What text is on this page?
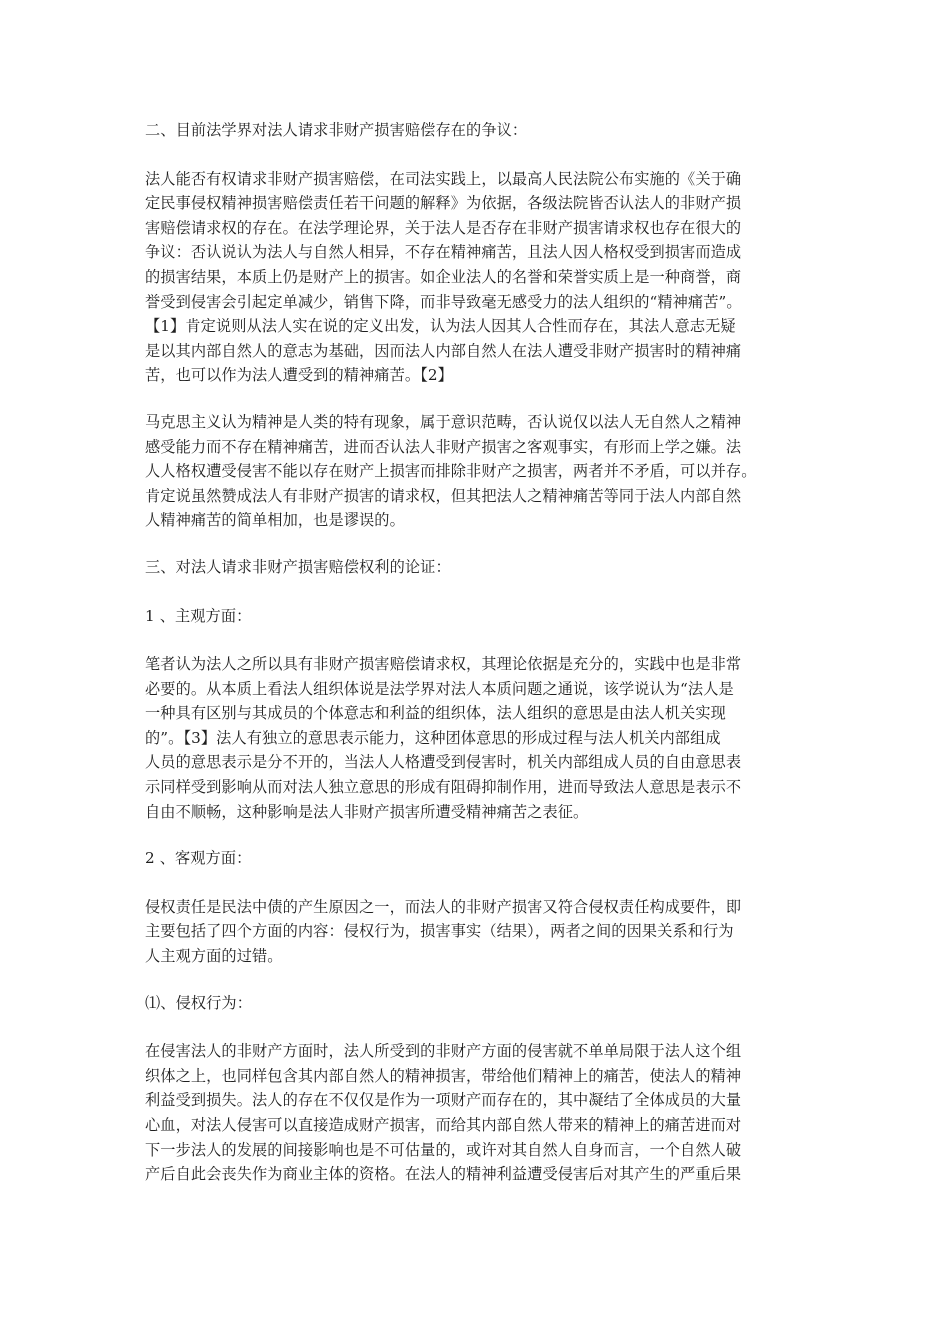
二、目前法学界对法人请求非财产损害赔偿存在的争议：

法人能否有权请求非财产损害赔偿，在司法实践上，以最高人民法院公布实施的《关于确
定民事侵权精神损害赔偿责任若干问题的解释》为依据，各级法院皆否认法人的非财产损
害赔偿请求权的存在。在法学理论界，关于法人是否存在非财产损害请求权也存在很大的
争议：否认说认为法人与自然人相异，不存在精神痛苦，且法人因人格权受到损害而造成
的损害结果，本质上仍是财产上的损害。如企业法人的名誉和荣誉实质上是一种商誉，商
誉受到侵害会引起定单减少，销售下降，而非导致毫无感受力的法人组织的“精神痛苦”。
【1】肯定说则从法人实在说的定义出发，认为法人因其人合性而存在，其法人意志无疑
是以其内部自然人的意志为基础，因而法人内部自然人在法人遭受非财产损害时的精神痛
苦，也可以作为法人遭受到的精神痛苦。【2】

马克思主义认为精神是人类的特有现象，属于意识范畴，否认说仅以法人无自然人之精神
感受能力而不存在精神痛苦，进而否认法人非财产损害之客观事实，有形而上学之嫌。法
人人格权遭受侵害不能以存在财产上损害而排除非财产之损害，两者并不矛盾，可以并存。
肯定说虽然赞成法人有非财产损害的请求权，但其把法人之精神痛苦等同于法人内部自然
人精神痛苦的简单相加，也是谬误的。

三、对法人请求非财产损害赔偿权利的论证：

1 、主观方面：

笔者认为法人之所以具有非财产损害赔偿请求权，其理论依据是充分的，实践中也是非常
必要的。从本质上看法人组织体说是法学界对法人本质问题之通说，该学说认为“法人是
一种具有区别与其成员的个体意志和利益的组织体，法人组织的意思是由法人机关实现
的”。【3】法人有独立的意思表示能力，这种团体意思的形成过程与法人机关内部组成
人员的意思表示是分不开的，当法人人格遭受到侵害时，机关内部组成人员的自由意思表
示同样受到影响从而对法人独立意思的形成有阻碍抑制作用，进而导致法人意思是表示不
自由不顺畅，这种影响是法人非财产损害所遭受精神痛苦之表征。

2 、客观方面：

侵权责任是民法中债的产生原因之一，而法人的非财产损害又符合侵权责任构成要件，即
主要包括了四个方面的内容：侵权行为，损害事实（结果），两者之间的因果关系和行为
人主观方面的过错。

⑴、侵权行为：

在侵害法人的非财产方面时，法人所受到的非财产方面的侵害就不单单局限于法人这个组
织体之上，也同样包含其内部自然人的精神损害，带给他们精神上的痛苦，使法人的精神
利益受到损失。法人的存在不仅仅是作为一项财产而存在的，其中凝结了全体成员的大量
心血，对法人侵害可以直接造成财产损害，而给其内部自然人带来的精神上的痛苦进而对
下一步法人的发展的间接影响也是不可估量的，或许对其自然人自身而言，一个自然人破
产后自此会丧失作为商业主体的资格。在法人的精神利益遭受侵害后对其产生的严重后果
